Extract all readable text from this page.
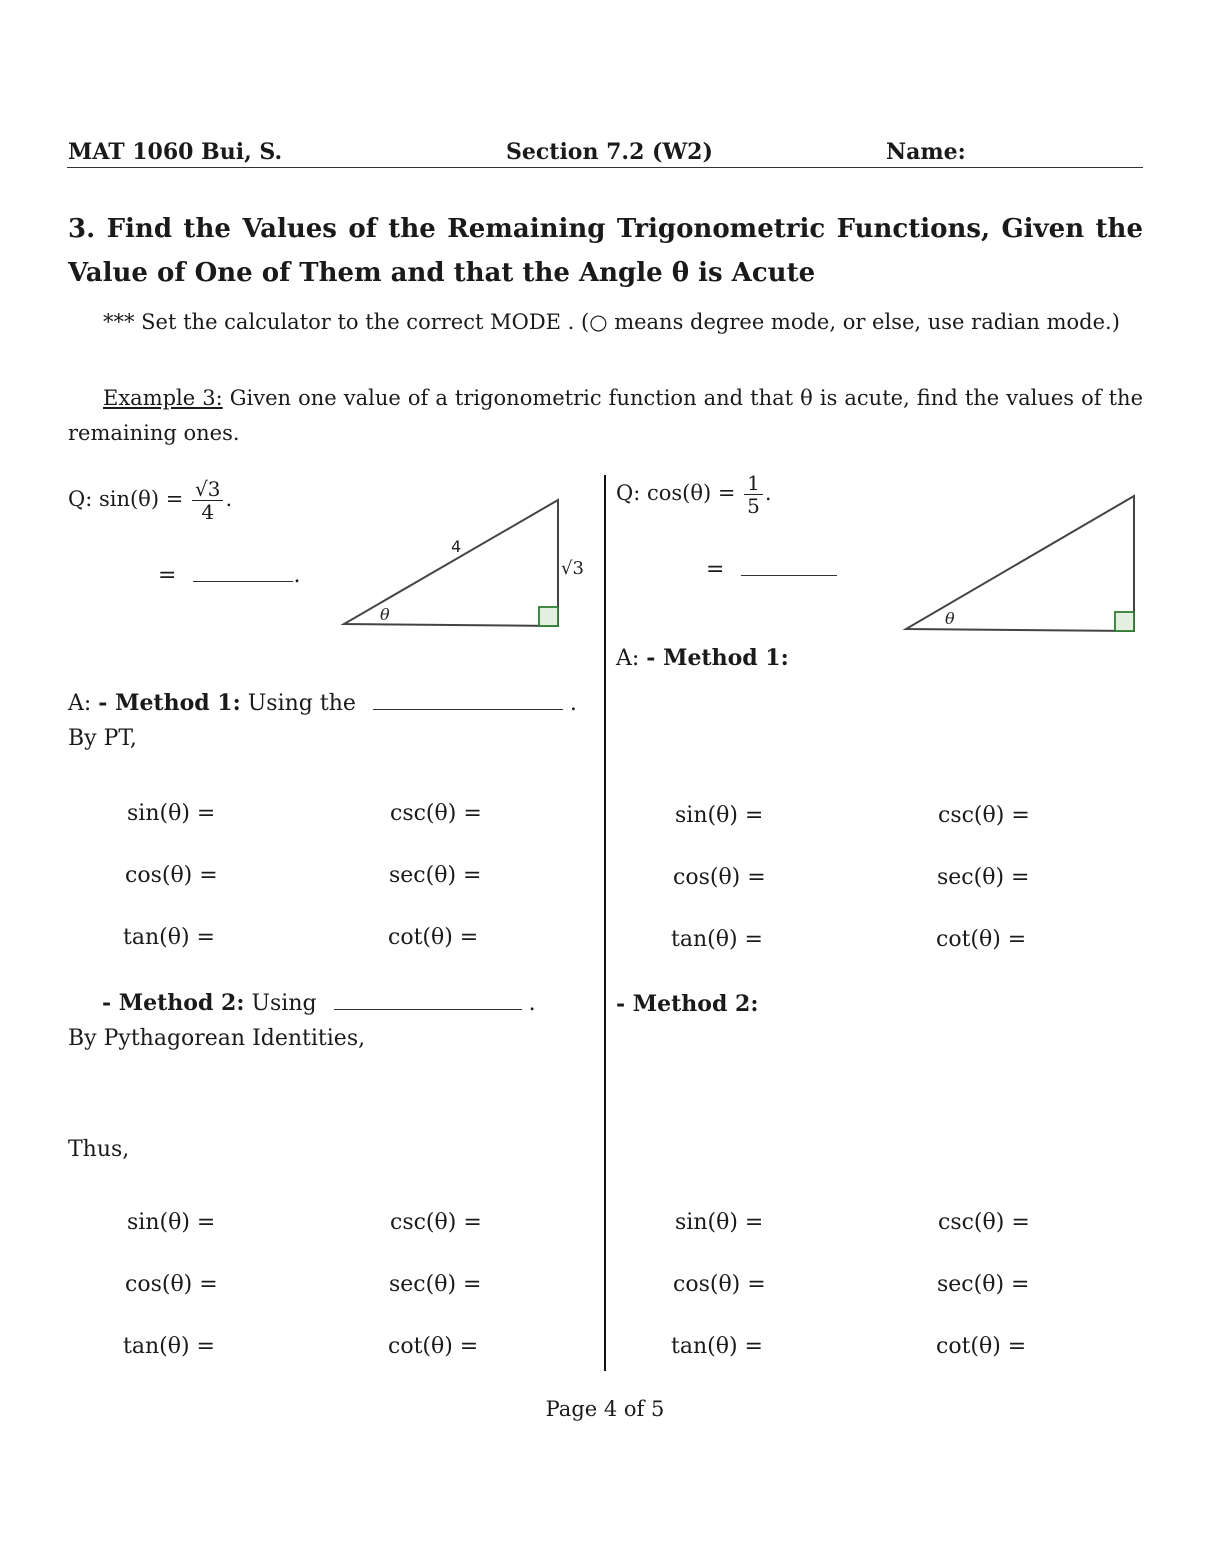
MAT 1060 Bui, S.	Section 7.2 (W2)	Name:
3. Find the Values of the Remaining Trigonometric Functions, Given the Value of One of Them and that the Angle θ is Acute
*** Set the calculator to the correct MODE . (○ means degree mode, or else, use radian mode.)
Example 3: Given one value of a trigonometric function and that θ is acute, find the values of the remaining ones.
Q: $\sin(\theta) = \frac{√3}{4}$ .
=	.
4
√3
θ
A: - Method 1: Using the	.
By PT,
sin(θ) =	csc(θ) =
cos(θ) =	sec(θ) =
tan(θ) =	cot(θ) =
- Method 2: Using	.
By Pythagorean Identities,
Thus,
sin(θ) =	csc(θ) =
cos(θ) =	sec(θ) =
tan(θ) =	cot(θ) =
Q: $\cos(\theta) = \frac{1}{5}$ .
=
θ
A: - Method 1:
sin(θ) =	csc(θ) =
cos(θ) =	sec(θ) =
tan(θ) =	cot(θ) =
- Method 2:
sin(θ) =	csc(θ) =
cos(θ) =	sec(θ) =
tan(θ) =	cot(θ) =
Page 4 of 5
